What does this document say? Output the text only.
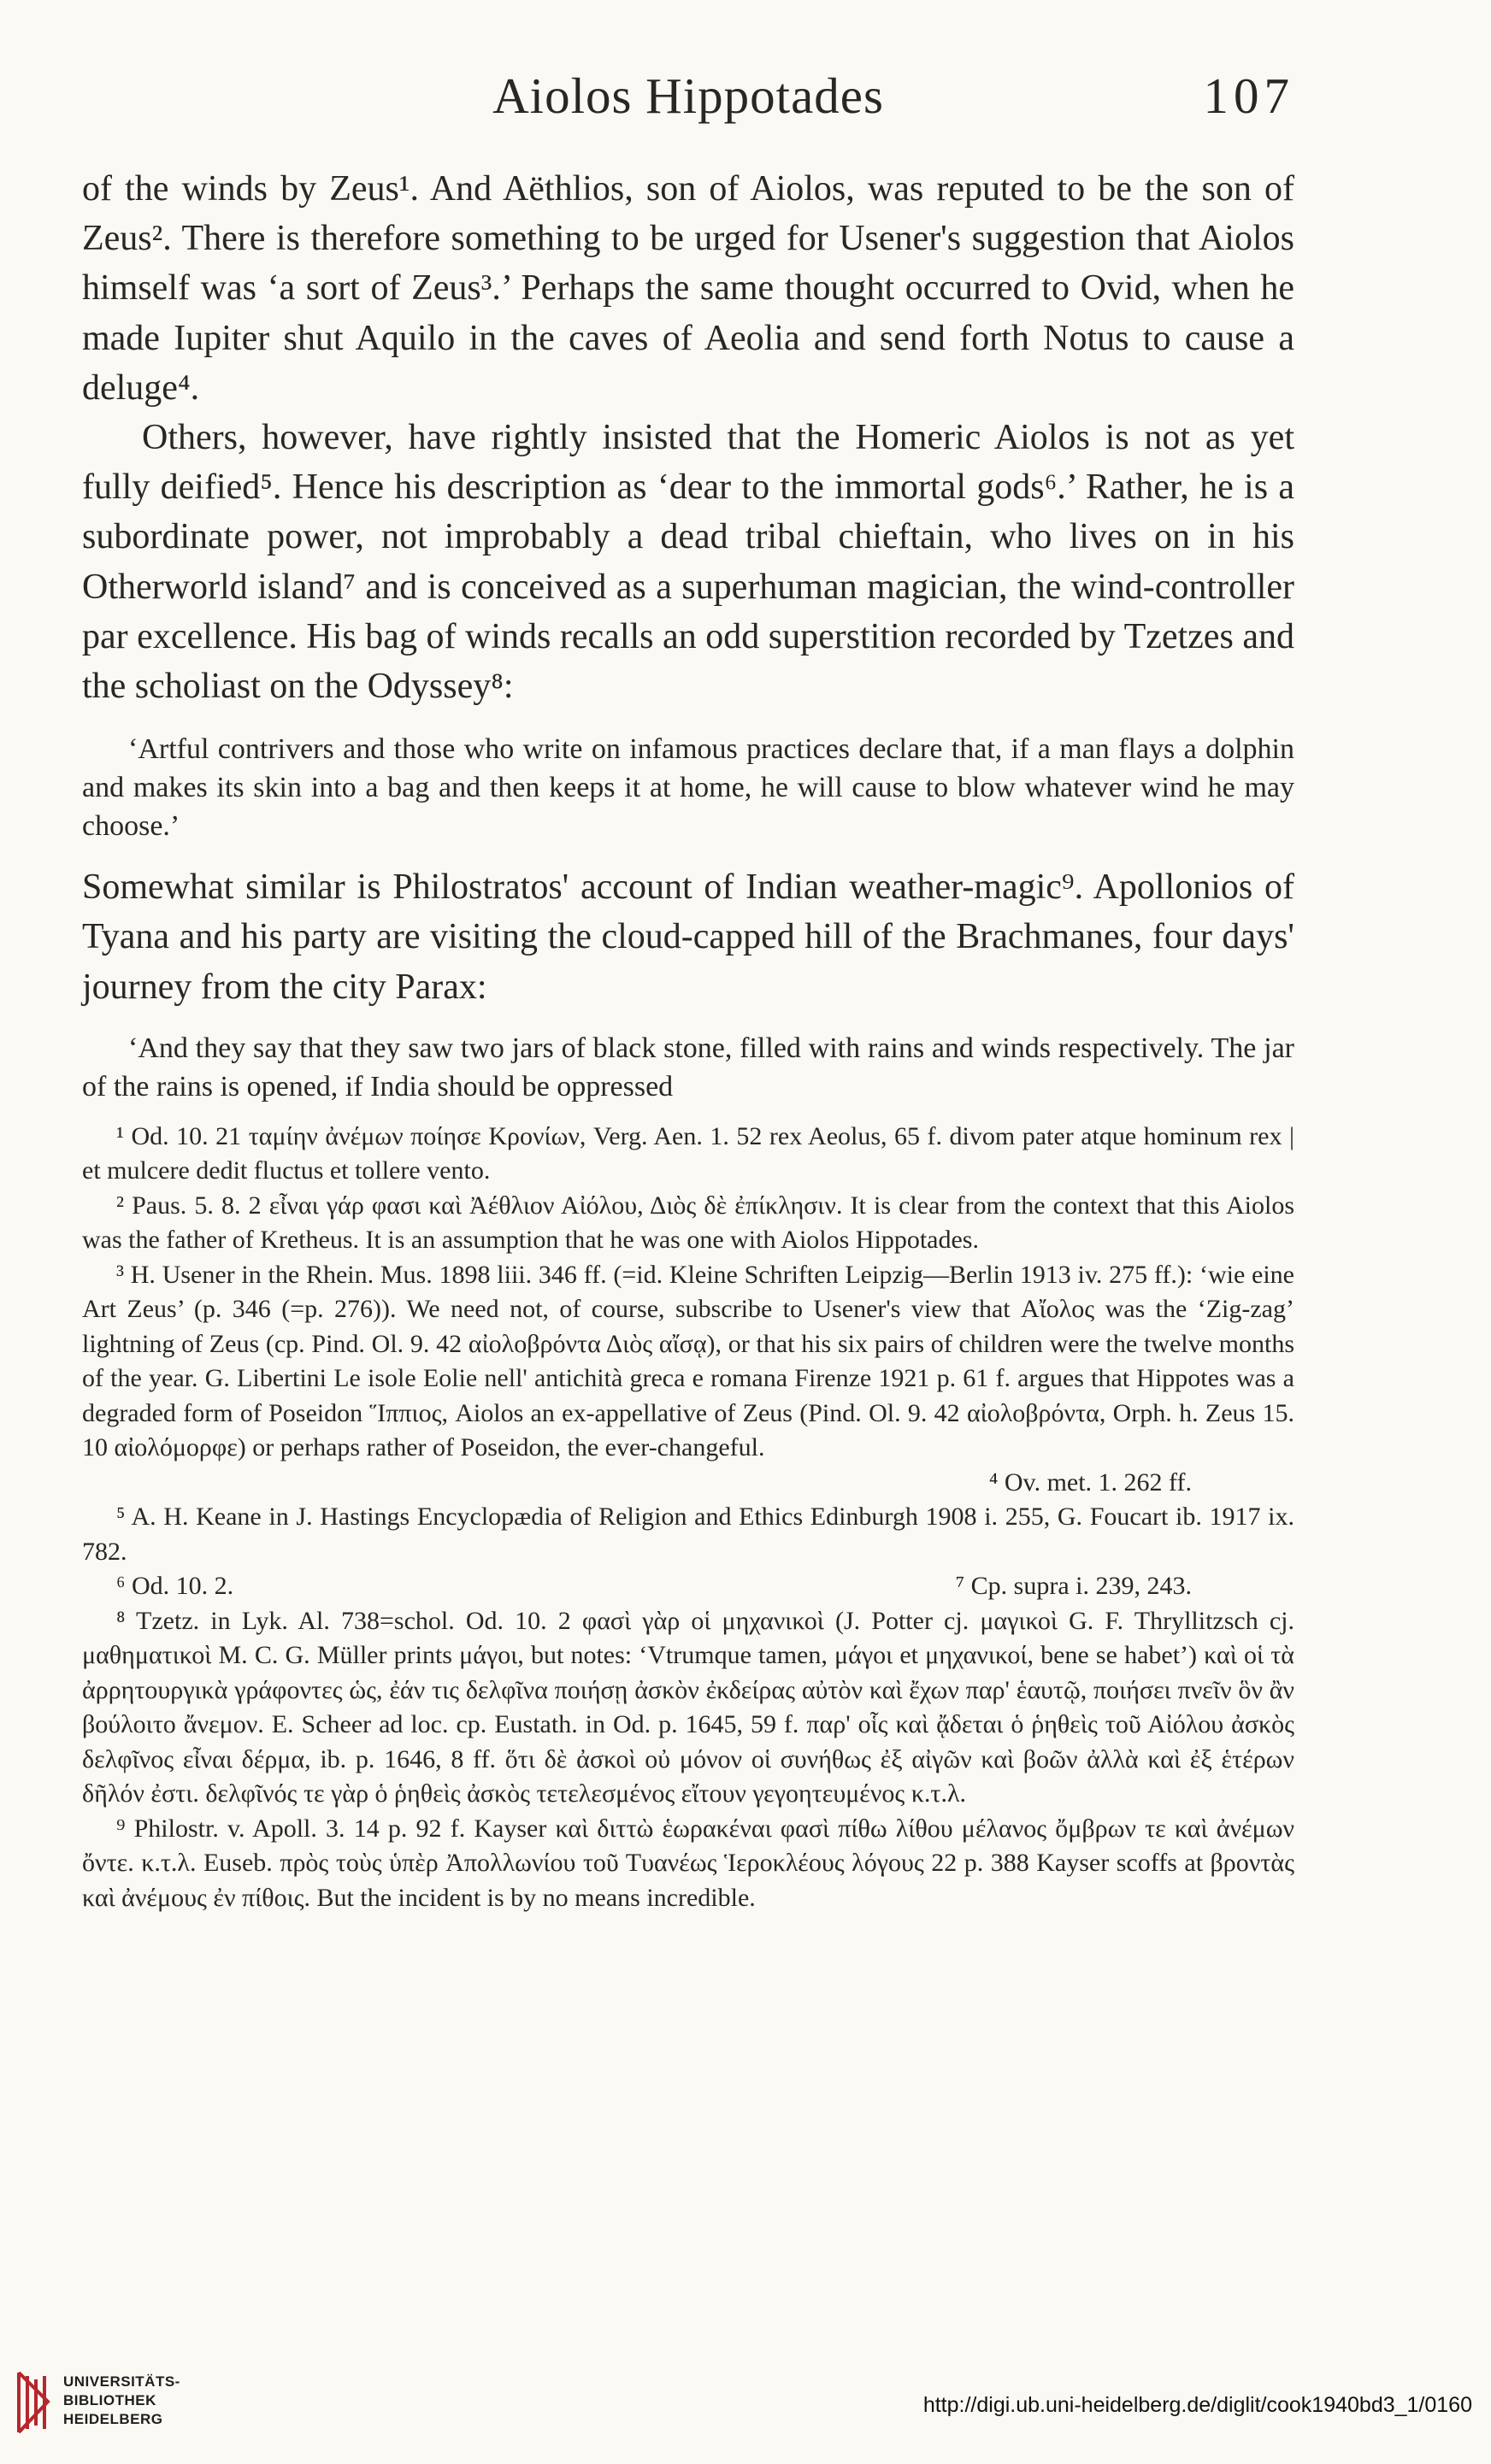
Aiolos Hippotades	107

of the winds by Zeus¹. And Aëthlios, son of Aiolos, was reputed to be the son of Zeus². There is therefore something to be urged for Usener's suggestion that Aiolos himself was ‘a sort of Zeus³.’ Perhaps the same thought occurred to Ovid, when he made Iupiter shut Aquilo in the caves of Aeolia and send forth Notus to cause a deluge⁴.

Others, however, have rightly insisted that the Homeric Aiolos is not as yet fully deified⁵. Hence his description as ‘dear to the immortal gods⁶.’ Rather, he is a subordinate power, not improbably a dead tribal chieftain, who lives on in his Otherworld island⁷ and is conceived as a superhuman magician, the wind-controller par excellence. His bag of winds recalls an odd superstition recorded by Tzetzes and the scholiast on the Odyssey⁸:

‘Artful contrivers and those who write on infamous practices declare that, if a man flays a dolphin and makes its skin into a bag and then keeps it at home, he will cause to blow whatever wind he may choose.’

Somewhat similar is Philostratos' account of Indian weather-magic⁹. Apollonios of Tyana and his party are visiting the cloud-capped hill of the Brachmanes, four days' journey from the city Parax:

‘And they say that they saw two jars of black stone, filled with rains and winds respectively. The jar of the rains is opened, if India should be oppressed

¹ Od. 10. 21 ταμίην ἀνέμων ποίησε Κρονίων, Verg. Aen. 1. 52 rex Aeolus, 65 f. divom pater atque hominum rex | et mulcere dedit fluctus et tollere vento.

² Paus. 5. 8. 2 εἶναι γάρ φασι καὶ Ἀέθλιον Αἰόλου, Διὸς δὲ ἐπίκλησιν. It is clear from the context that this Aiolos was the father of Kretheus. It is an assumption that he was one with Aiolos Hippotades.

³ H. Usener in the Rhein. Mus. 1898 liii. 346 ff. (=id. Kleine Schriften Leipzig—Berlin 1913 iv. 275 ff.): ‘wie eine Art Zeus’ (p. 346 (=p. 276)). We need not, of course, subscribe to Usener's view that Αἴολος was the ‘Zig-zag’ lightning of Zeus (cp. Pind. Ol. 9. 42 αἰολοβρόντα Διὸς αἴσᾳ), or that his six pairs of children were the twelve months of the year. G. Libertini Le isole Eolie nell' antichità greca e romana Firenze 1921 p. 61 f. argues that Hippotes was a degraded form of Poseidon Ἵππιος, Aiolos an ex-appellative of Zeus (Pind. Ol. 9. 42 αἰολοβρόντα, Orph. h. Zeus 15. 10 αἰολόμορφε) or perhaps rather of Poseidon, the ever-changeful.

⁴ Ov. met. 1. 262 ff.

⁵ A. H. Keane in J. Hastings Encyclopædia of Religion and Ethics Edinburgh 1908 i. 255, G. Foucart ib. 1917 ix. 782.

⁶ Od. 10. 2.	⁷ Cp. supra i. 239, 243.

⁸ Tzetz. in Lyk. Al. 738=schol. Od. 10. 2 φασὶ γὰρ οἱ μηχανικοὶ (J. Potter cj. μαγικοὶ G. F. Thryllitzsch cj. μαθηματικοὶ M. C. G. Müller prints μάγοι, but notes: ‘Vtrumque tamen, μάγοι et μηχανικοί, bene se habet’) καὶ οἱ τὰ ἀρρητουργικὰ γράφοντες ὡς, ἐάν τις δελφῖνα ποιήσῃ ἀσκὸν ἐκδείρας αὐτὸν καὶ ἔχων παρ' ἑαυτῷ, ποιήσει πνεῖν ὃν ἂν βούλοιτο ἄνεμον. E. Scheer ad loc. cp. Eustath. in Od. p. 1645, 59 f. παρ' οἷς καὶ ᾄδεται ὁ ῥηθεὶς τοῦ Αἰόλου ἀσκὸς δελφῖνος εἶναι δέρμα, ib. p. 1646, 8 ff. ὅτι δὲ ἀσκοὶ οὐ μόνον οἱ συνήθως ἐξ αἰγῶν καὶ βοῶν ἀλλὰ καὶ ἐξ ἑτέρων δῆλόν ἐστι. δελφῖνός τε γὰρ ὁ ῥηθεὶς ἀσκὸς τετελεσμένος εἴτουν γεγοητευμένος κ.τ.λ.

⁹ Philostr. v. Apoll. 3. 14 p. 92 f. Kayser καὶ διττὼ ἑωρακέναι φασὶ πίθω λίθου μέλανος ὄμβρων τε καὶ ἀνέμων ὄντε. κ.τ.λ. Euseb. πρὸς τοὺς ὑπὲρ Ἀπολλωνίου τοῦ Τυανέως Ἱεροκλέους λόγους 22 p. 388 Kayser scoffs at βροντὰς καὶ ἀνέμους ἐν πίθοις. But the incident is by no means incredible.

UNIVERSITÄTS-
BIBLIOTHEK
HEIDELBERG
http://digi.ub.uni-heidelberg.de/diglit/cook1940bd3_1/0160
